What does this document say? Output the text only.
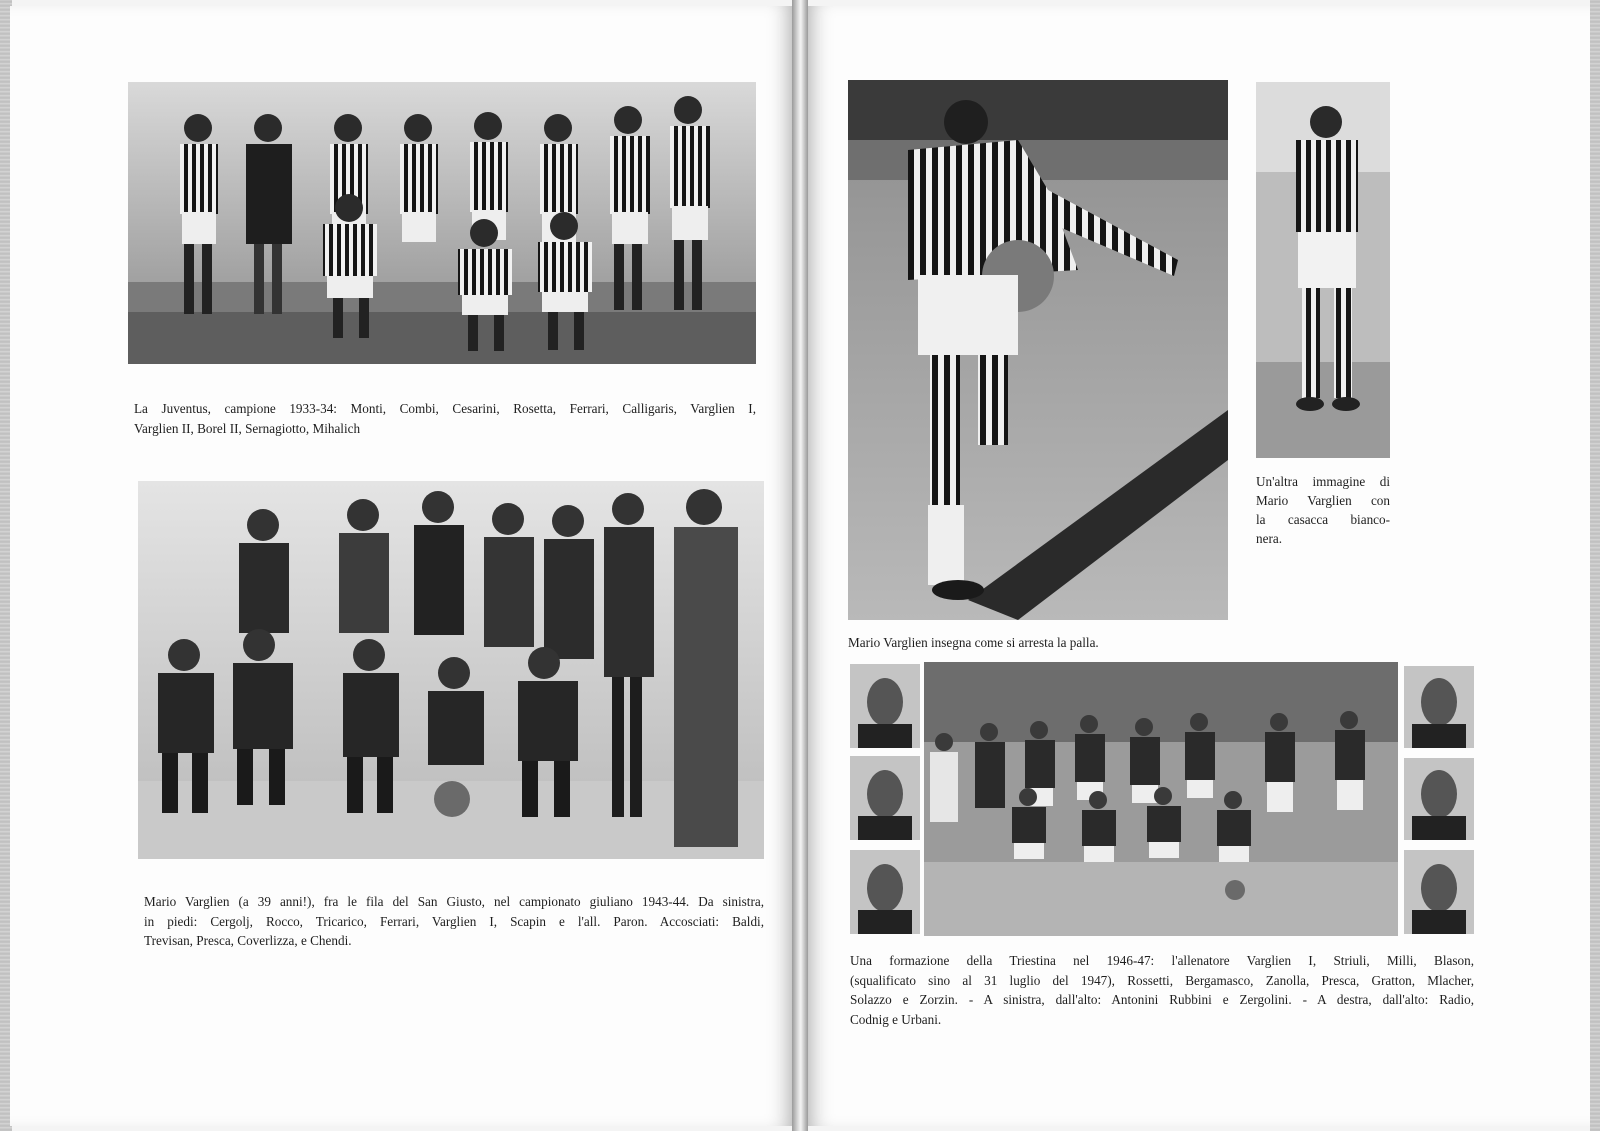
La Juventus, campione 1933-34: Monti, Combi, Cesarini, Rosetta, Ferrari, Calligaris, Varglien I,
Varglien II, Borel II, Sernagiotto, Mihalich
Mario Varglien (a 39 anni!), fra le fila del San Giusto, nel campionato giuliano 1943-44. Da sinistra,
in piedi: Cergolj, Rocco, Tricarico, Ferrari, Varglien I, Scapin e l'all. Paron. Accosciati: Baldi,
Trevisan, Presca, Coverlizza, e Chendi.
Mario Varglien insegna come si arresta la palla.
Un'altra immagine di
Mario Varglien con
la casacca bianco-
nera.
Una formazione della Triestina nel 1946-47: l'allenatore Varglien I, Striuli, Milli, Blason,
(squalificato sino al 31 luglio del 1947), Rossetti, Bergamasco, Zanolla, Presca, Gratton, Mlacher,
Solazzo e Zorzin. - A sinistra, dall'alto: Antonini Rubbini e Zergolini. - A destra, dall'alto: Radio,
Codnig e Urbani.
